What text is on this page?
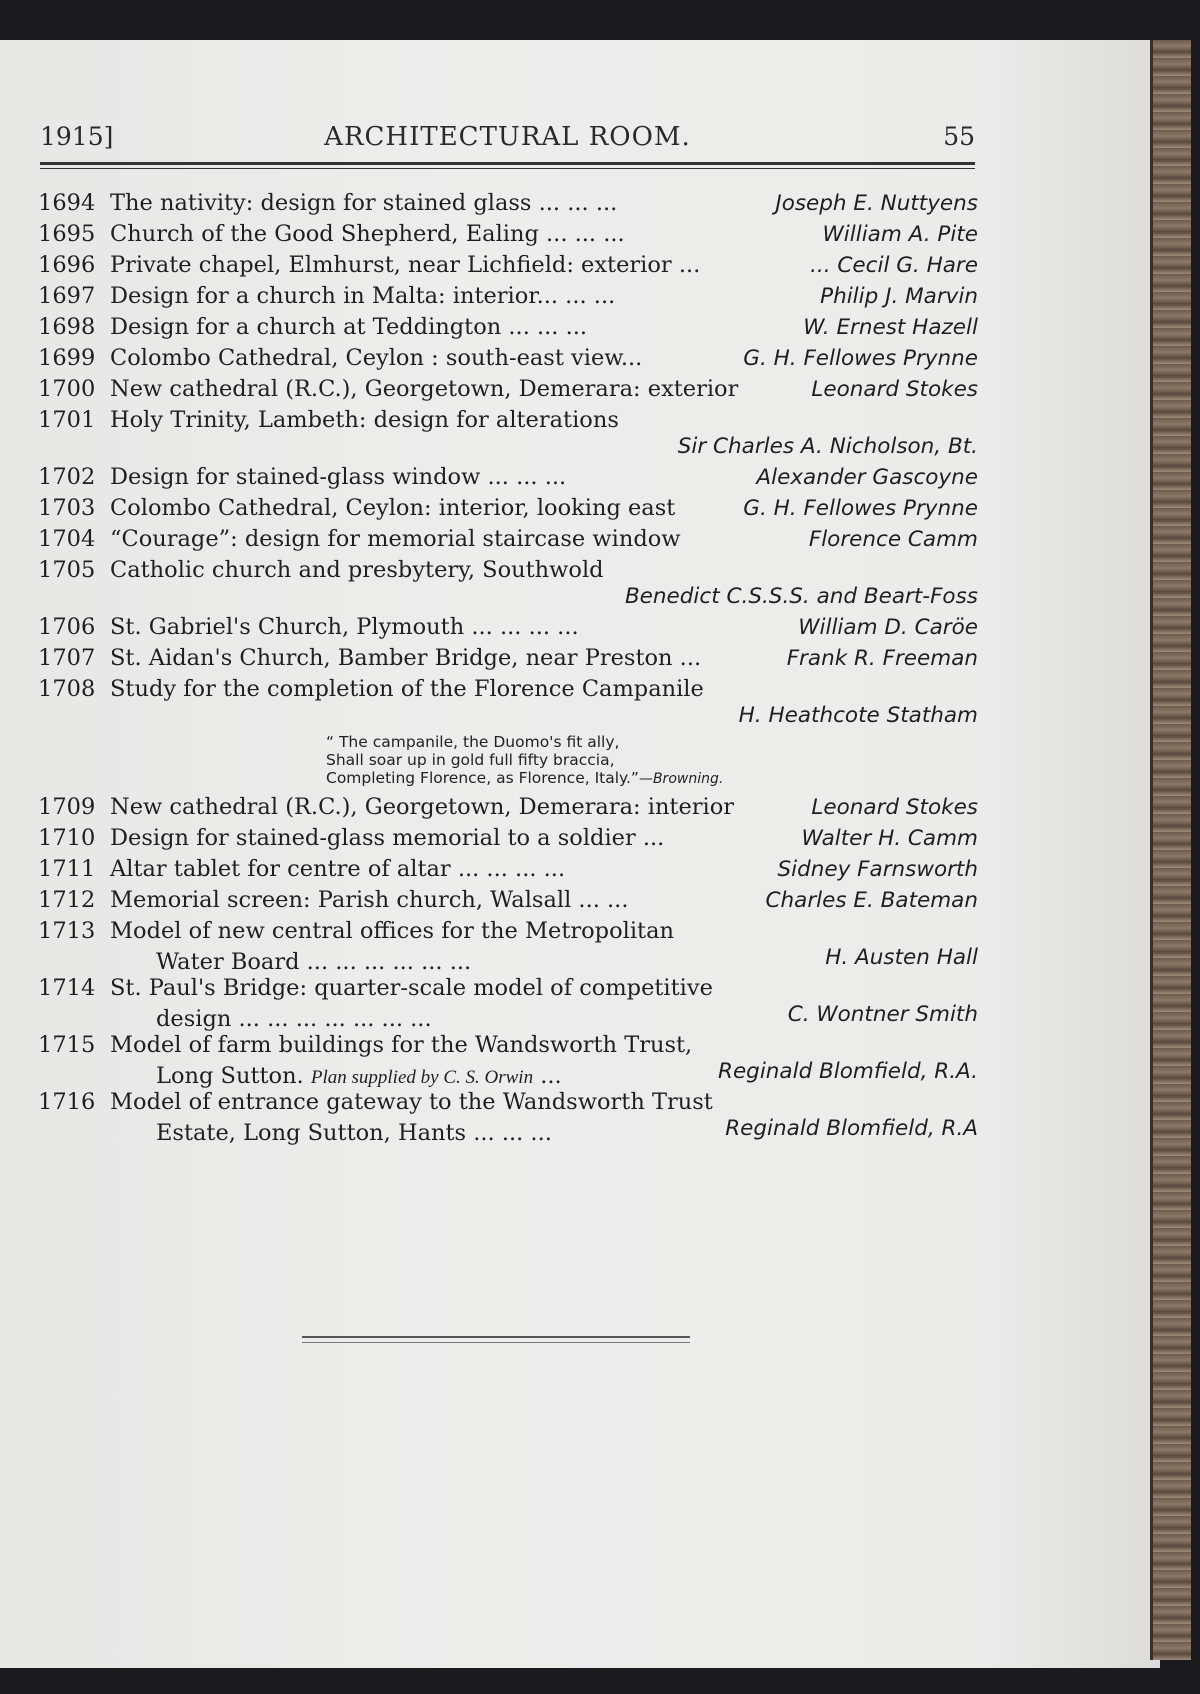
1915]	ARCHITECTURAL ROOM.	55
1694 The nativity: design for stained glass ... ... ...	Joseph E. Nuttyens
1695 Church of the Good Shepherd, Ealing ... ... ...	William A. Pite
1696 Private chapel, Elmhurst, near Lichfield: exterior ...	... Cecil G. Hare
1697 Design for a church in Malta: interior... ... ...	Philip J. Marvin
1698 Design for a church at Teddington ... ... ...	W. Ernest Hazell
1699 Colombo Cathedral, Ceylon : south-east view...	G. H. Fellowes Prynne
1700 New cathedral (R.C.), Georgetown, Demerara: exterior	Leonard Stokes
1701 Holy Trinity, Lambeth: design for alterations
Sir Charles A. Nicholson, Bt.
1702 Design for stained-glass window ... ... ...	Alexander Gascoyne
1703 Colombo Cathedral, Ceylon: interior, looking east	G. H. Fellowes Prynne
1704 “Courage”: design for memorial staircase window	Florence Camm
1705 Catholic church and presbytery, Southwold
Benedict C.S.S.S. and Beart-Foss
1706 St. Gabriel's Church, Plymouth ... ... ... ...	William D. Caröe
1707 St. Aidan's Church, Bamber Bridge, near Preston ...	Frank R. Freeman
1708 Study for the completion of the Florence Campanile
H. Heathcote Statham
“ The campanile, the Duomo's fit ally,
Shall soar up in gold full fifty braccia,
Completing Florence, as Florence, Italy.”—Browning.
1709 New cathedral (R.C.), Georgetown, Demerara: interior	Leonard Stokes
1710 Design for stained-glass memorial to a soldier ...	Walter H. Camm
1711 Altar tablet for centre of altar ... ... ... ...	Sidney Farnsworth
1712 Memorial screen: Parish church, Walsall ... ...	Charles E. Bateman
1713 Model of new central offices for the Metropolitan
Water Board ... ... ... ... ... ...	H. Austen Hall
1714 St. Paul's Bridge: quarter-scale model of competitive
design ... ... ... ... ... ... ...	C. Wontner Smith
1715 Model of farm buildings for the Wandsworth Trust,
Long Sutton. Plan supplied by C. S. Orwin ...	Reginald Blomfield, R.A.
1716 Model of entrance gateway to the Wandsworth Trust
Estate, Long Sutton, Hants ... ... ...	Reginald Blomfield, R.A
